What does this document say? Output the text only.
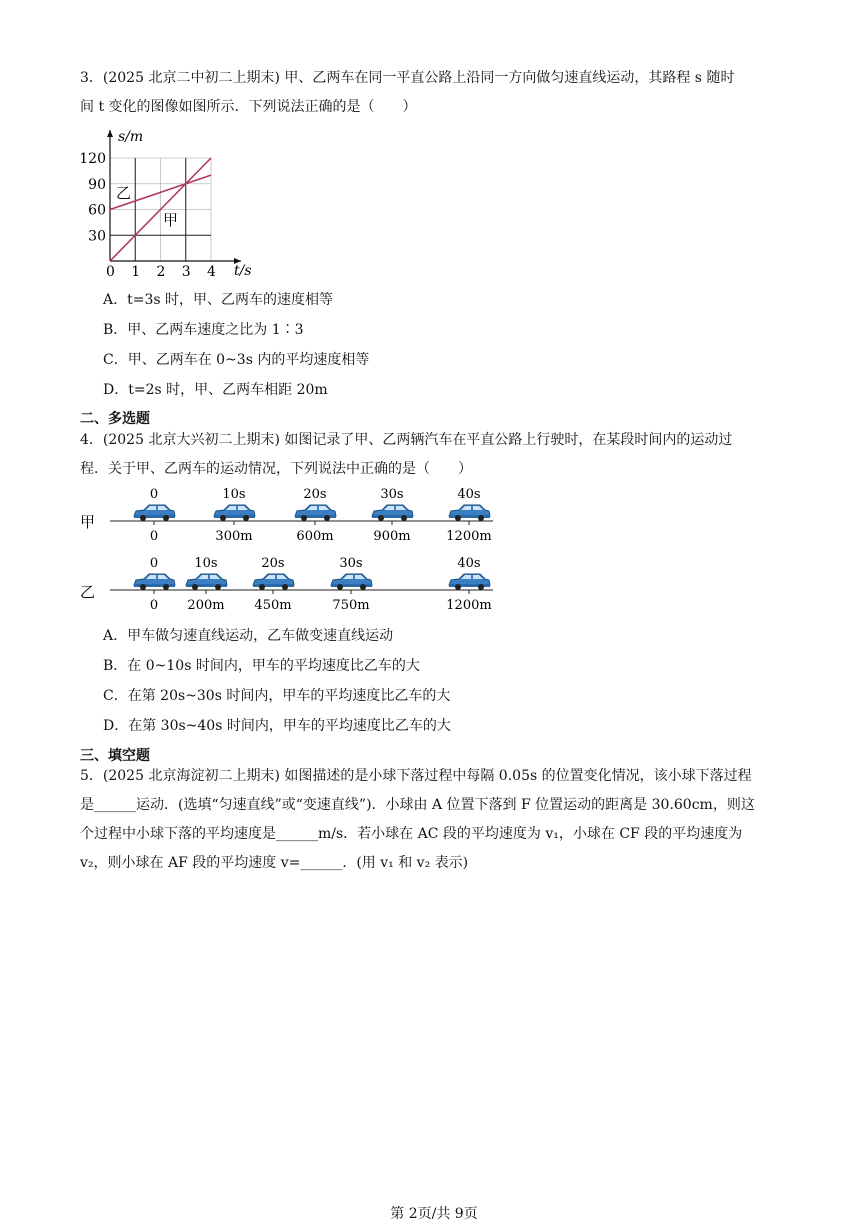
3．(2025 北京二中初二上期末) 甲、乙两车在同一平直公路上沿同一方向做匀速直线运动，其路程 s 随时
间 t 变化的图像如图所示．下列说法正确的是（　　）
0 1 2 3 4
30
60
90
120
s/m
t/s
乙
甲
A．t=3s 时，甲、乙两车的速度相等
B．甲、乙两车速度之比为 1∶3
C．甲、乙两车在 0~3s 内的平均速度相等
D．t=2s 时，甲、乙两车相距 20m
二、多选题
4．(2025 北京大兴初二上期末) 如图记录了甲、乙两辆汽车在平直公路上行驶时，在某段时间内的运动过
程．关于甲、乙两车的运动情况，下列说法中正确的是（　　）
甲
0
0
10s
300m
20s
600m
30s
900m
40s
1200m
乙
0
0
10s
200m
20s
450m
30s
750m
40s
1200m
A．甲车做匀速直线运动，乙车做变速直线运动
B．在 0~10s 时间内，甲车的平均速度比乙车的大
C．在第 20s~30s 时间内，甲车的平均速度比乙车的大
D．在第 30s~40s 时间内，甲车的平均速度比乙车的大
三、填空题
5．(2025 北京海淀初二上期末) 如图描述的是小球下落过程中每隔 0.05s 的位置变化情况，该小球下落过程
是______运动．(选填“匀速直线”或“变速直线”)．小球由 A 位置下落到 F 位置运动的距离是 30.60cm，则这
个过程中小球下落的平均速度是______m/s．若小球在 AC 段的平均速度为 v₁，小球在 CF 段的平均速度为
v₂，则小球在 AF 段的平均速度 v=______．(用 v₁ 和 v₂ 表示)
第 2页/共 9页
